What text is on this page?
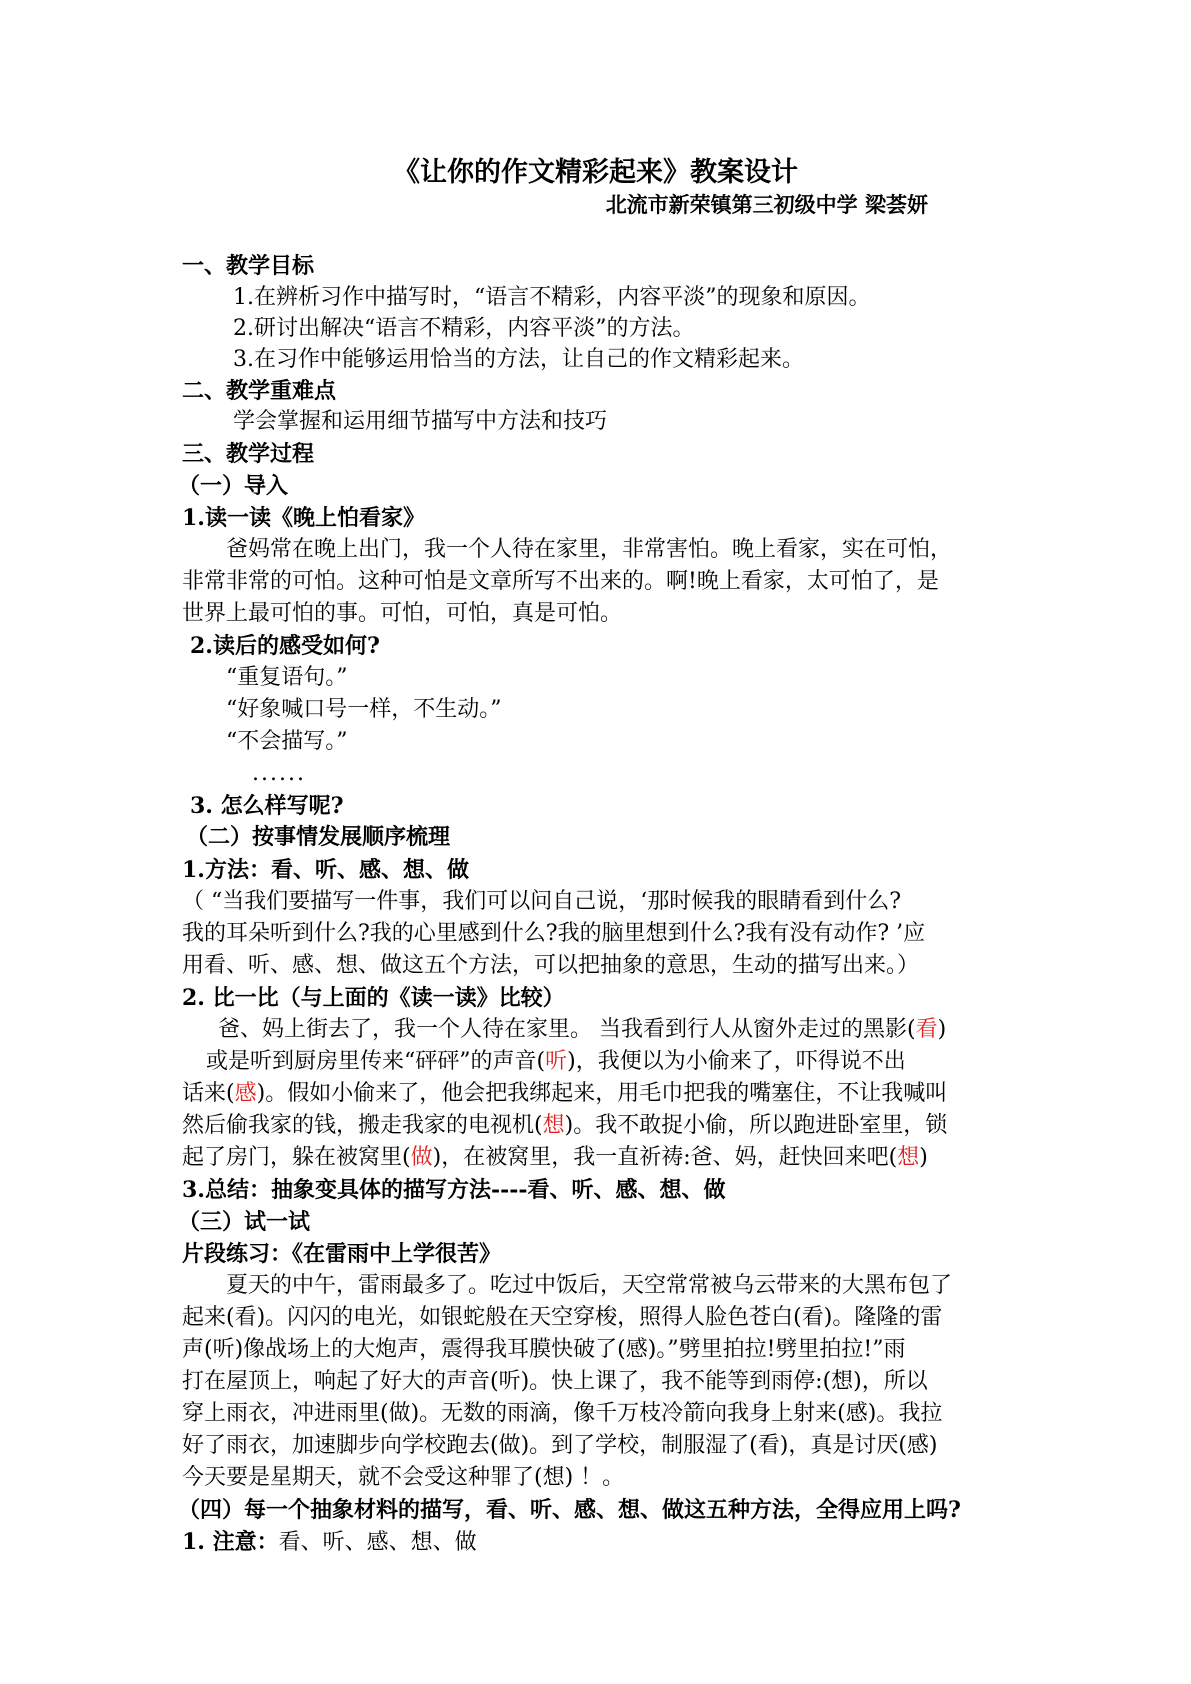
《让你的作文精彩起来》教案设计
北流市新荣镇第三初级中学 梁荟妍
一、教学目标
1.在辨析习作中描写时，“语言不精彩，内容平淡”的现象和原因。
2.研讨出解决“语言不精彩，内容平淡”的方法。
3.在习作中能够运用恰当的方法，让自己的作文精彩起来。
二、教学重难点
学会掌握和运用细节描写中方法和技巧
三、教学过程
（一）导入
1.读一读《晚上怕看家》
爸妈常在晚上出门，我一个人待在家里，非常害怕。晚上看家，实在可怕，
非常非常的可怕。这种可怕是文章所写不出来的。啊!晚上看家，太可怕了，是
世界上最可怕的事。可怕，可怕，真是可怕。
2.读后的感受如何?
“重复语句。”
“好象喊口号一样，不生动。”
“不会描写。”
......
3. 怎么样写呢?
（二）按事情发展顺序梳理
1.方法：看、听、感、想、做
（ “当我们要描写一件事，我们可以问自己说，‘那时候我的眼睛看到什么?
我的耳朵听到什么?我的心里感到什么?我的脑里想到什么?我有没有动作? ’应
用看、听、感、想、做这五个方法，可以把抽象的意思，生动的描写出来。）
2. 比一比（与上面的《读一读》比较）
爸、妈上街去了，我一个人待在家里。 当我看到行人从窗外走过的黑影(看)
或是听到厨房里传来“砰砰”的声音(听)，我便以为小偷来了，吓得说不出
话来(感)。假如小偷来了，他会把我绑起来，用毛巾把我的嘴塞住，不让我喊叫
然后偷我家的钱，搬走我家的电视机(想)。我不敢捉小偷，所以跑进卧室里，锁
起了房门，躲在被窝里(做)，在被窝里，我一直祈祷:爸、妈，赶快回来吧(想)
3.总结：抽象变具体的描写方法----看、听、感、想、做
（三）试一试
片段练习：《在雷雨中上学很苦》
夏天的中午，雷雨最多了。吃过中饭后，天空常常被乌云带来的大黑布包了
起来(看)。闪闪的电光，如银蛇般在天空穿梭，照得人脸色苍白(看)。隆隆的雷
声(听)像战场上的大炮声，震得我耳膜快破了(感)。”劈里拍拉!劈里拍拉!”雨
打在屋顶上，响起了好大的声音(听)。快上课了，我不能等到雨停:(想)，所以
穿上雨衣，冲进雨里(做)。无数的雨滴，像千万枝冷箭向我身上射来(感)。我拉
好了雨衣，加速脚步向学校跑去(做)。到了学校，制服湿了(看)，真是讨厌(感)
今天要是星期天，就不会受这种罪了(想) ！。
（四）每一个抽象材料的描写，看、听、感、想、做这五种方法，全得应用上吗?
1. 注意：看、听、感、想、做
